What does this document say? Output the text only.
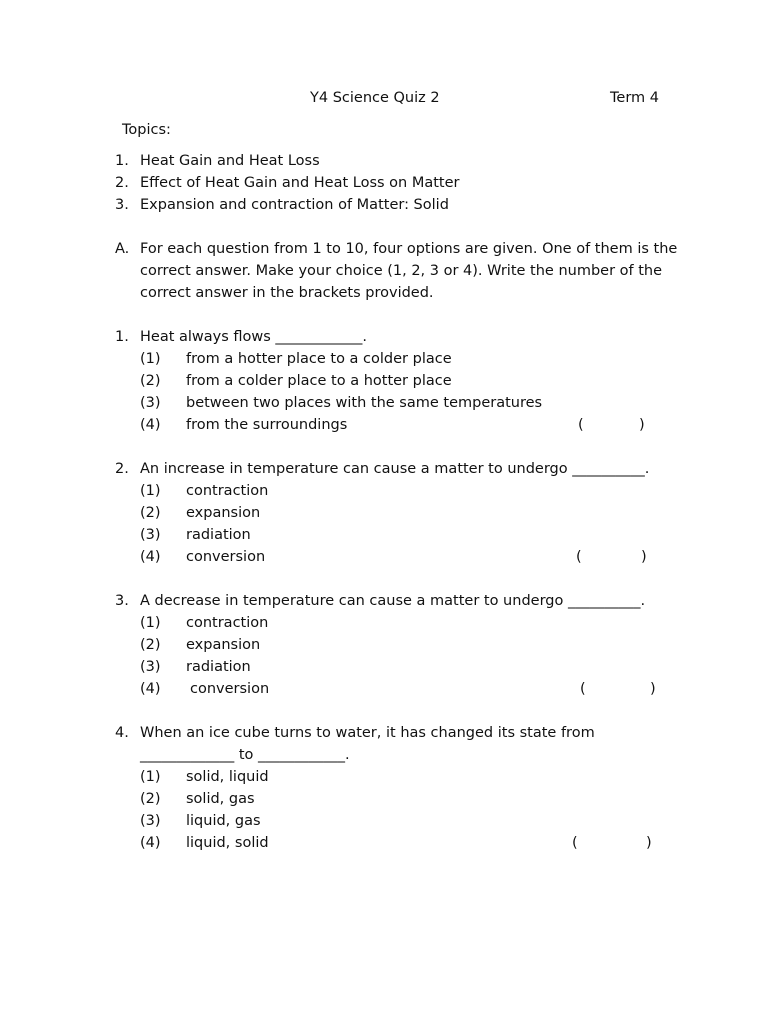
Y4 Science Quiz 2	Term 4
Topics:
1. Heat Gain and Heat Loss
2. Effect of Heat Gain and Heat Loss on Matter
3. Expansion and contraction of Matter: Solid
A. For each question from 1 to 10, four options are given. One of them is the
correct answer. Make your choice (1, 2, 3 or 4). Write the number of the
correct answer in the brackets provided.
1. Heat always flows ____________.
(1) from a hotter place to a colder place
(2) from a colder place to a hotter place
(3) between two places with the same temperatures
(4) from the surroundings	(	)
2. An increase in temperature can cause a matter to undergo __________.
(1) contraction
(2) expansion
(3) radiation
(4) conversion	(	)
3. A decrease in temperature can cause a matter to undergo __________.
(1) contraction
(2) expansion
(3) radiation
(4) conversion	(	)
4. When an ice cube turns to water, it has changed its state from
_____________ to ____________.
(1) solid, liquid
(2) solid, gas
(3) liquid, gas
(4) liquid, solid	(	)
